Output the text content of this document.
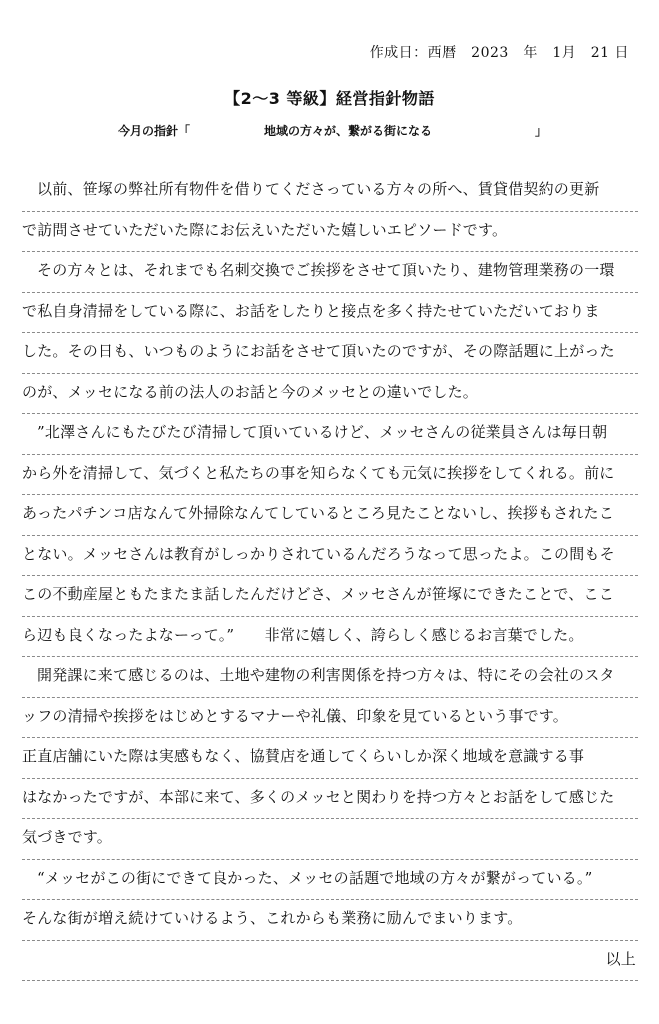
作成日：西暦　2023　年　1月　21 日
【2～3 等級】経営指針物語
今月の指針「	地域の方々が、繋がる街になる	」
以前、笹塚の弊社所有物件を借りてくださっている方々の所へ、賃貸借契約の更新
で訪問させていただいた際にお伝えいただいた嬉しいエピソードです。
その方々とは、それまでも名刺交換でご挨拶をさせて頂いたり、建物管理業務の一環
で私自身清掃をしている際に、お話をしたりと接点を多く持たせていただいておりま
した。その日も、いつものようにお話をさせて頂いたのですが、その際話題に上がった
のが、メッセになる前の法人のお話と今のメッセとの違いでした。
”北澤さんにもたびたび清掃して頂いているけど、メッセさんの従業員さんは毎日朝
から外を清掃して、気づくと私たちの事を知らなくても元気に挨拶をしてくれる。前に
あったパチンコ店なんて外掃除なんてしているところ見たことないし、挨拶もされたこ
とない。メッセさんは教育がしっかりされているんだろうなって思ったよ。この間もそ
この不動産屋ともたまたま話したんだけどさ、メッセさんが笹塚にできたことで、ここ
ら辺も良くなったよなーって。”　　非常に嬉しく、誇らしく感じるお言葉でした。
開発課に来て感じるのは、土地や建物の利害関係を持つ方々は、特にその会社のスタ
ッフの清掃や挨拶をはじめとするマナーや礼儀、印象を見ているという事です。
正直店舗にいた際は実感もなく、協賛店を通してくらいしか深く地域を意識する事
はなかったですが、本部に来て、多くのメッセと関わりを持つ方々とお話をして感じた
気づきです。
“メッセがこの街にできて良かった、メッセの話題で地域の方々が繋がっている。”
そんな街が増え続けていけるよう、これからも業務に励んでまいります。
以上
